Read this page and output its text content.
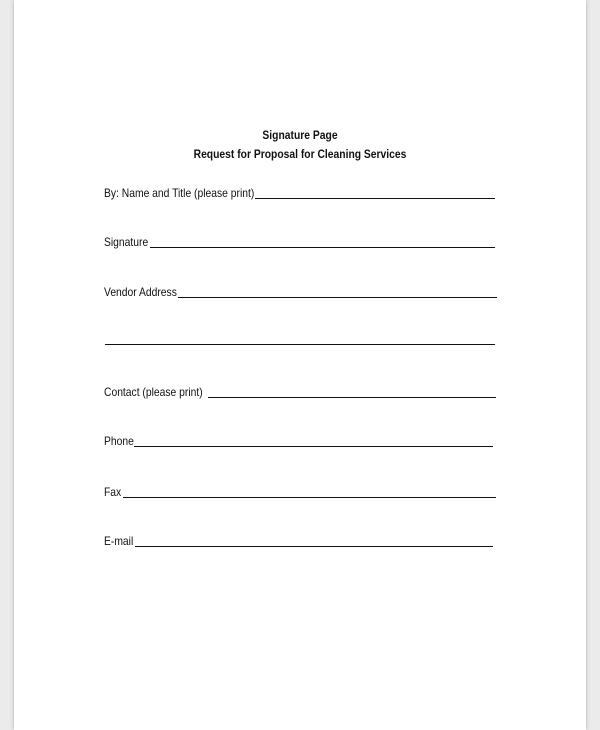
Signature Page
Request for Proposal for Cleaning Services
By: Name and Title (please print)
Signature
Vendor Address
Contact (please print)
Phone
Fax
E-mail
